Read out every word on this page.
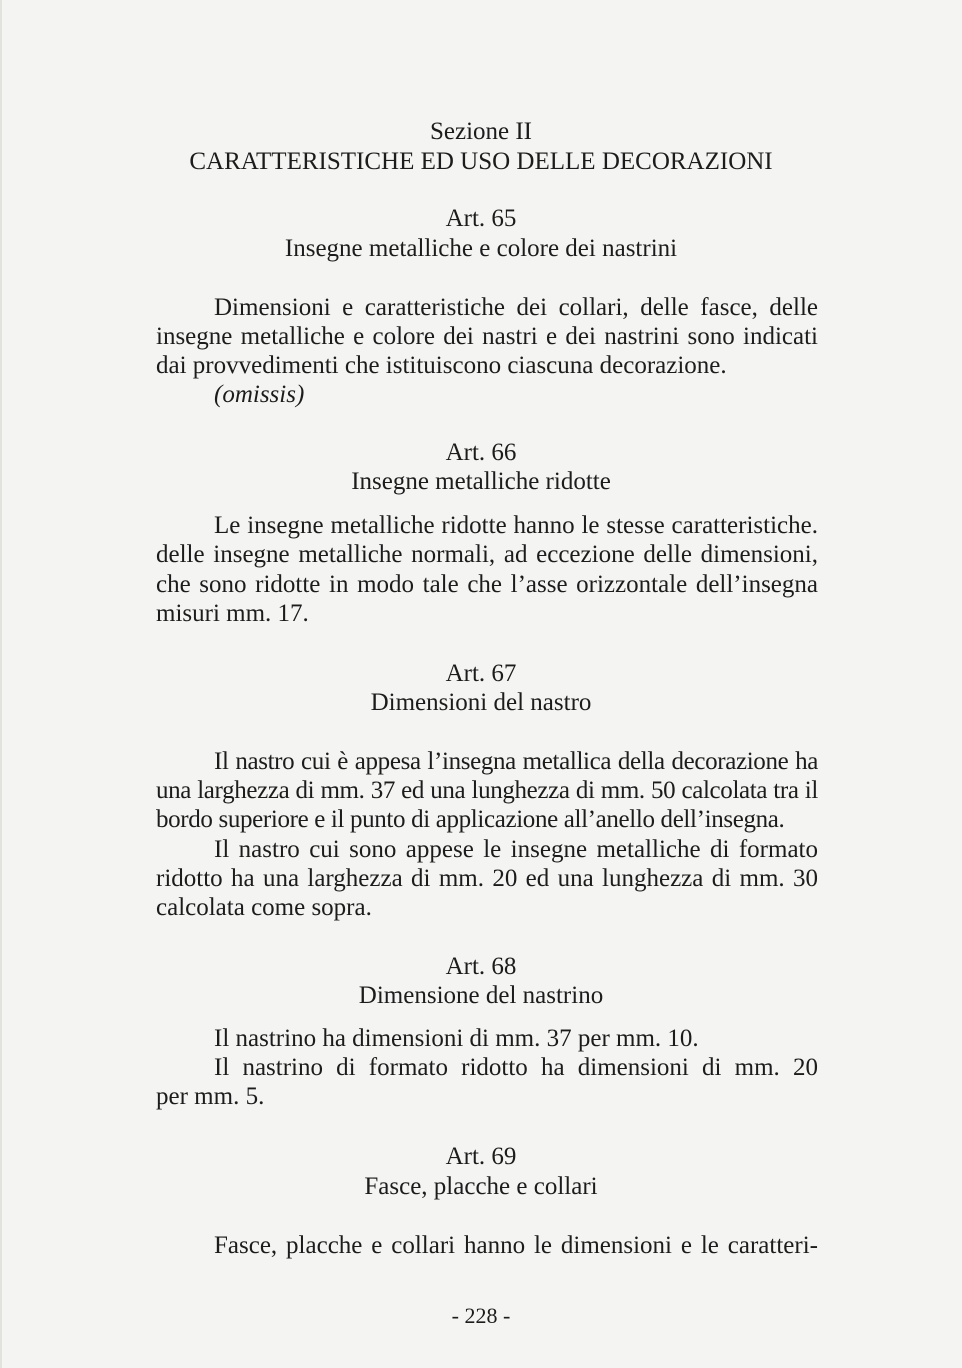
Sezione II
CARATTERISTICHE ED USO DELLE DECORAZIONI
Art. 65
Insegne metalliche e colore dei nastrini
Dimensioni e caratteristiche dei collari, delle fasce, delle
insegne metalliche e colore dei nastri e dei nastrini sono indicati
dai provvedimenti che istituiscono ciascuna decorazione.
(omissis)
Art. 66
Insegne metalliche ridotte
Le insegne metalliche ridotte hanno le stesse caratteristiche.
delle insegne metalliche normali, ad eccezione delle dimensioni,
che sono ridotte in modo tale che l’asse orizzontale dell’insegna
misuri mm. 17.
Art. 67
Dimensioni del nastro
Il nastro cui è appesa l’insegna metallica della decorazione ha
una larghezza di mm. 37 ed una lunghezza di mm. 50 calcolata tra il
bordo superiore e il punto di applicazione all’anello dell’insegna.
Il nastro cui sono appese le insegne metalliche di formato
ridotto ha una larghezza di mm. 20 ed una lunghezza di mm. 30
calcolata come sopra.
Art. 68
Dimensione del nastrino
Il nastrino ha dimensioni di mm. 37 per mm. 10.
Il nastrino di formato ridotto ha dimensioni di mm. 20
per mm. 5.
Art. 69
Fasce, placche e collari
Fasce, placche e collari hanno le dimensioni e le caratteri-
- 228 -
